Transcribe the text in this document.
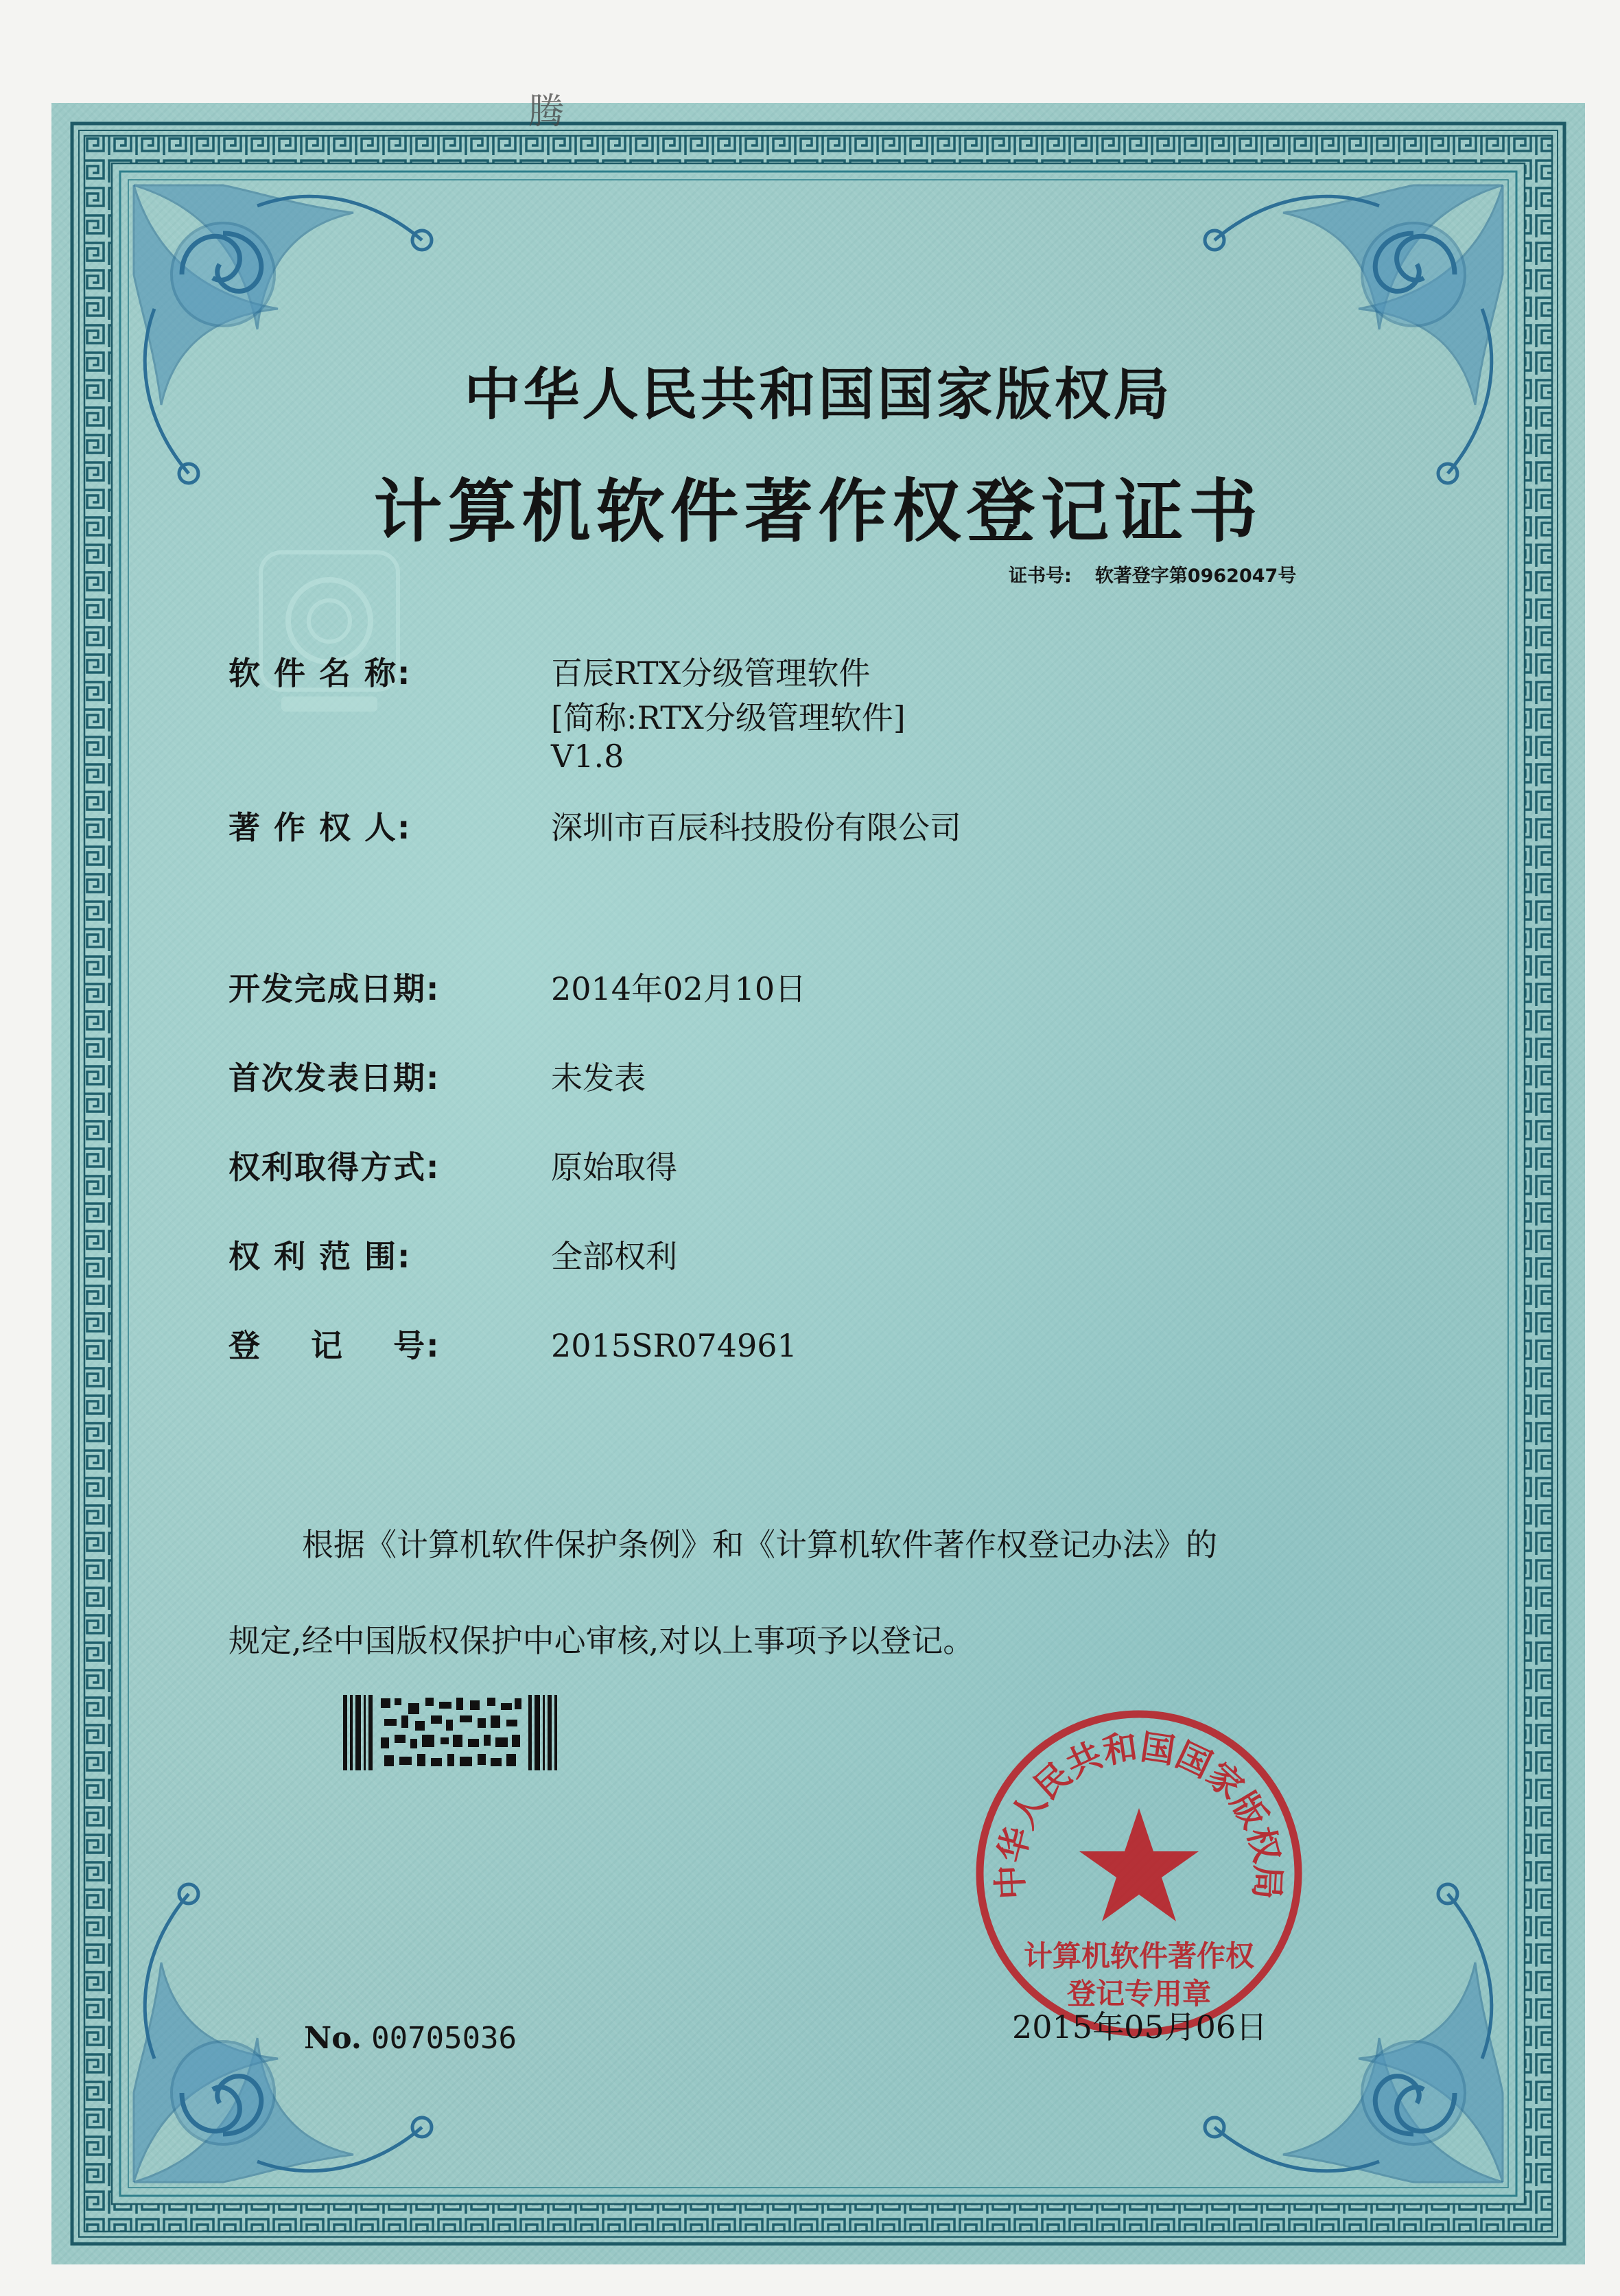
腾
中华人民共和国国家版权局
计算机软件著作权登记证书
证书号: 软著登字第0962047号
软 件 名 称:	百辰RTX分级管理软件
[简称:RTX分级管理软件]
V1.8
著 作 权 人:	深圳市百辰科技股份有限公司
开发完成日期:	2014年02月10日
首次发表日期:	未发表
权利取得方式:	原始取得
权 利 范 围:	全部权利
登    记    号:	2015SR074961
根据《计算机软件保护条例》和《计算机软件著作权登记办法》的
规定,经中国版权保护中心审核,对以上事项予以登记。
中华人民共和国国家版权局
计算机软件著作权
登记专用章
No. 00705036	2015年05月06日
